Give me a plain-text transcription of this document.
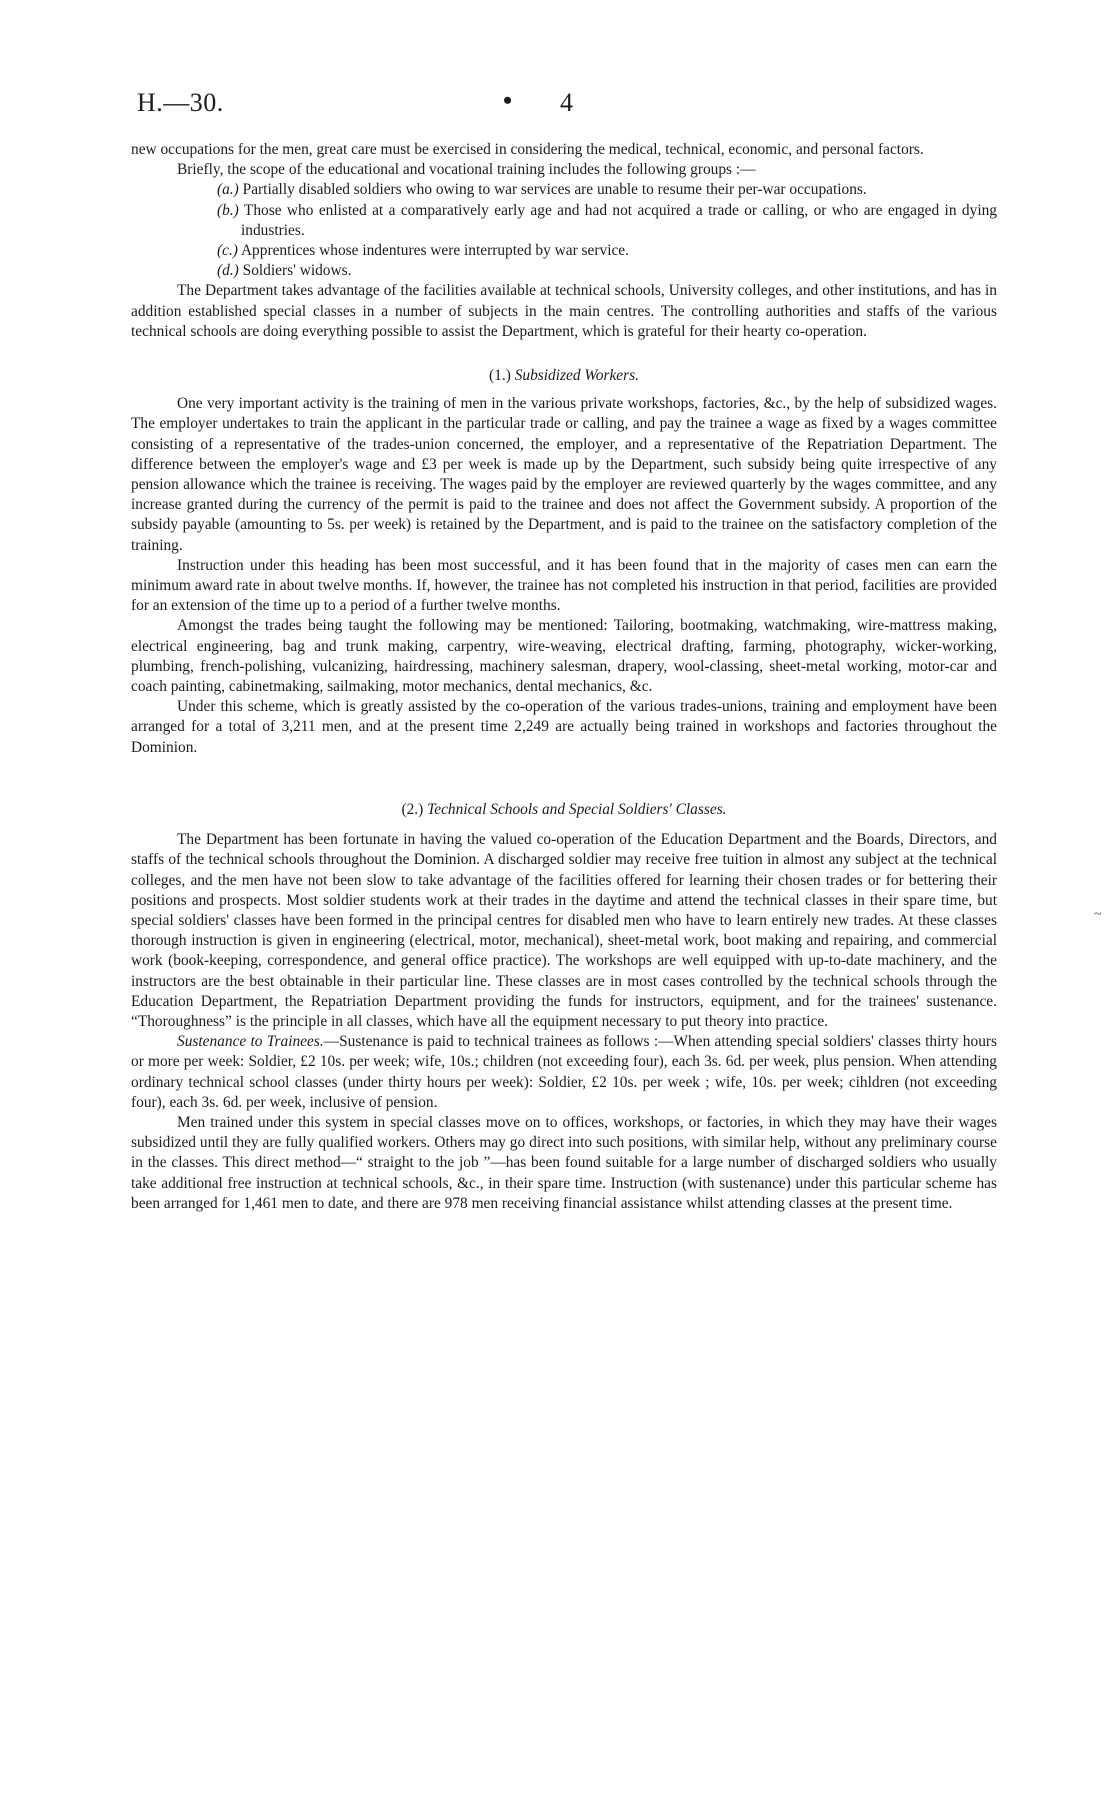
H.—30.	• 4
~

new occupations for the men, great care must be exercised in considering the medical, technical, economic, and personal factors.

Briefly, the scope of the educational and vocational training includes the following groups :—

(a.) Partially disabled soldiers who owing to war services are unable to resume their per-war occupations.
(b.) Those who enlisted at a comparatively early age and had not acquired a trade or calling, or who are engaged in dying industries.
(c.) Apprentices whose indentures were interrupted by war service.
(d.) Soldiers' widows.

The Department takes advantage of the facilities available at technical schools, University colleges, and other institutions, and has in addition established special classes in a number of subjects in the main centres. The controlling authorities and staffs of the various technical schools are doing everything possible to assist the Department, which is grateful for their hearty co-operation.

(1.) Subsidized Workers.

One very important activity is the training of men in the various private workshops, factories, &c., by the help of subsidized wages. The employer undertakes to train the applicant in the particular trade or calling, and pay the trainee a wage as fixed by a wages committee consisting of a representative of the trades-union concerned, the employer, and a representative of the Repatriation Department. The difference between the employer's wage and £3 per week is made up by the Department, such subsidy being quite irrespective of any pension allowance which the trainee is receiving. The wages paid by the employer are reviewed quarterly by the wages committee, and any increase granted during the currency of the permit is paid to the trainee and does not affect the Government subsidy. A proportion of the subsidy payable (amounting to 5s. per week) is retained by the Department, and is paid to the trainee on the satisfactory completion of the training.

Instruction under this heading has been most successful, and it has been found that in the majority of cases men can earn the minimum award rate in about twelve months. If, however, the trainee has not completed his instruction in that period, facilities are provided for an extension of the time up to a period of a further twelve months.

Amongst the trades being taught the following may be mentioned: Tailoring, bootmaking, watchmaking, wire-mattress making, electrical engineering, bag and trunk making, carpentry, wire-weaving, electrical drafting, farming, photography, wicker-working, plumbing, french-polishing, vulcanizing, hairdressing, machinery salesman, drapery, wool-classing, sheet-metal working, motor-car and coach painting, cabinetmaking, sailmaking, motor mechanics, dental mechanics, &c.

Under this scheme, which is greatly assisted by the co-operation of the various trades-unions, training and employment have been arranged for a total of 3,211 men, and at the present time 2,249 are actually being trained in workshops and factories throughout the Dominion.

(2.) Technical Schools and Special Soldiers' Classes.

The Department has been fortunate in having the valued co-operation of the Education Department and the Boards, Directors, and staffs of the technical schools throughout the Dominion. A discharged soldier may receive free tuition in almost any subject at the technical colleges, and the men have not been slow to take advantage of the facilities offered for learning their chosen trades or for bettering their positions and prospects. Most soldier students work at their trades in the daytime and attend the technical classes in their spare time, but special soldiers' classes have been formed in the principal centres for disabled men who have to learn entirely new trades. At these classes thorough instruction is given in engineering (electrical, motor, mechanical), sheet-metal work, boot making and repairing, and commercial work (book-keeping, correspondence, and general office practice). The workshops are well equipped with up-to-date machinery, and the instructors are the best obtainable in their particular line. These classes are in most cases controlled by the technical schools through the Education Department, the Repatriation Department providing the funds for instructors, equipment, and for the trainees' sustenance. “Thoroughness” is the principle in all classes, which have all the equipment necessary to put theory into practice.

Sustenance to Trainees.—Sustenance is paid to technical trainees as follows :—When attending special soldiers' classes thirty hours or more per week: Soldier, £2 10s. per week; wife, 10s.; children (not exceeding four), each 3s. 6d. per week, plus pension. When attending ordinary technical school classes (under thirty hours per week): Soldier, £2 10s. per week ; wife, 10s. per week; cihldren (not exceeding four), each 3s. 6d. per week, inclusive of pension.

Men trained under this system in special classes move on to offices, workshops, or factories, in which they may have their wages subsidized until they are fully qualified workers. Others may go direct into such positions, with similar help, without any preliminary course in the classes. This direct method—“ straight to the job ”—has been found suitable for a large number of discharged soldiers who usually take additional free instruction at technical schools, &c., in their spare time. Instruction (with sustenance) under this particular scheme has been arranged for 1,461 men to date, and there are 978 men receiving financial assistance whilst attending classes at the present time.
